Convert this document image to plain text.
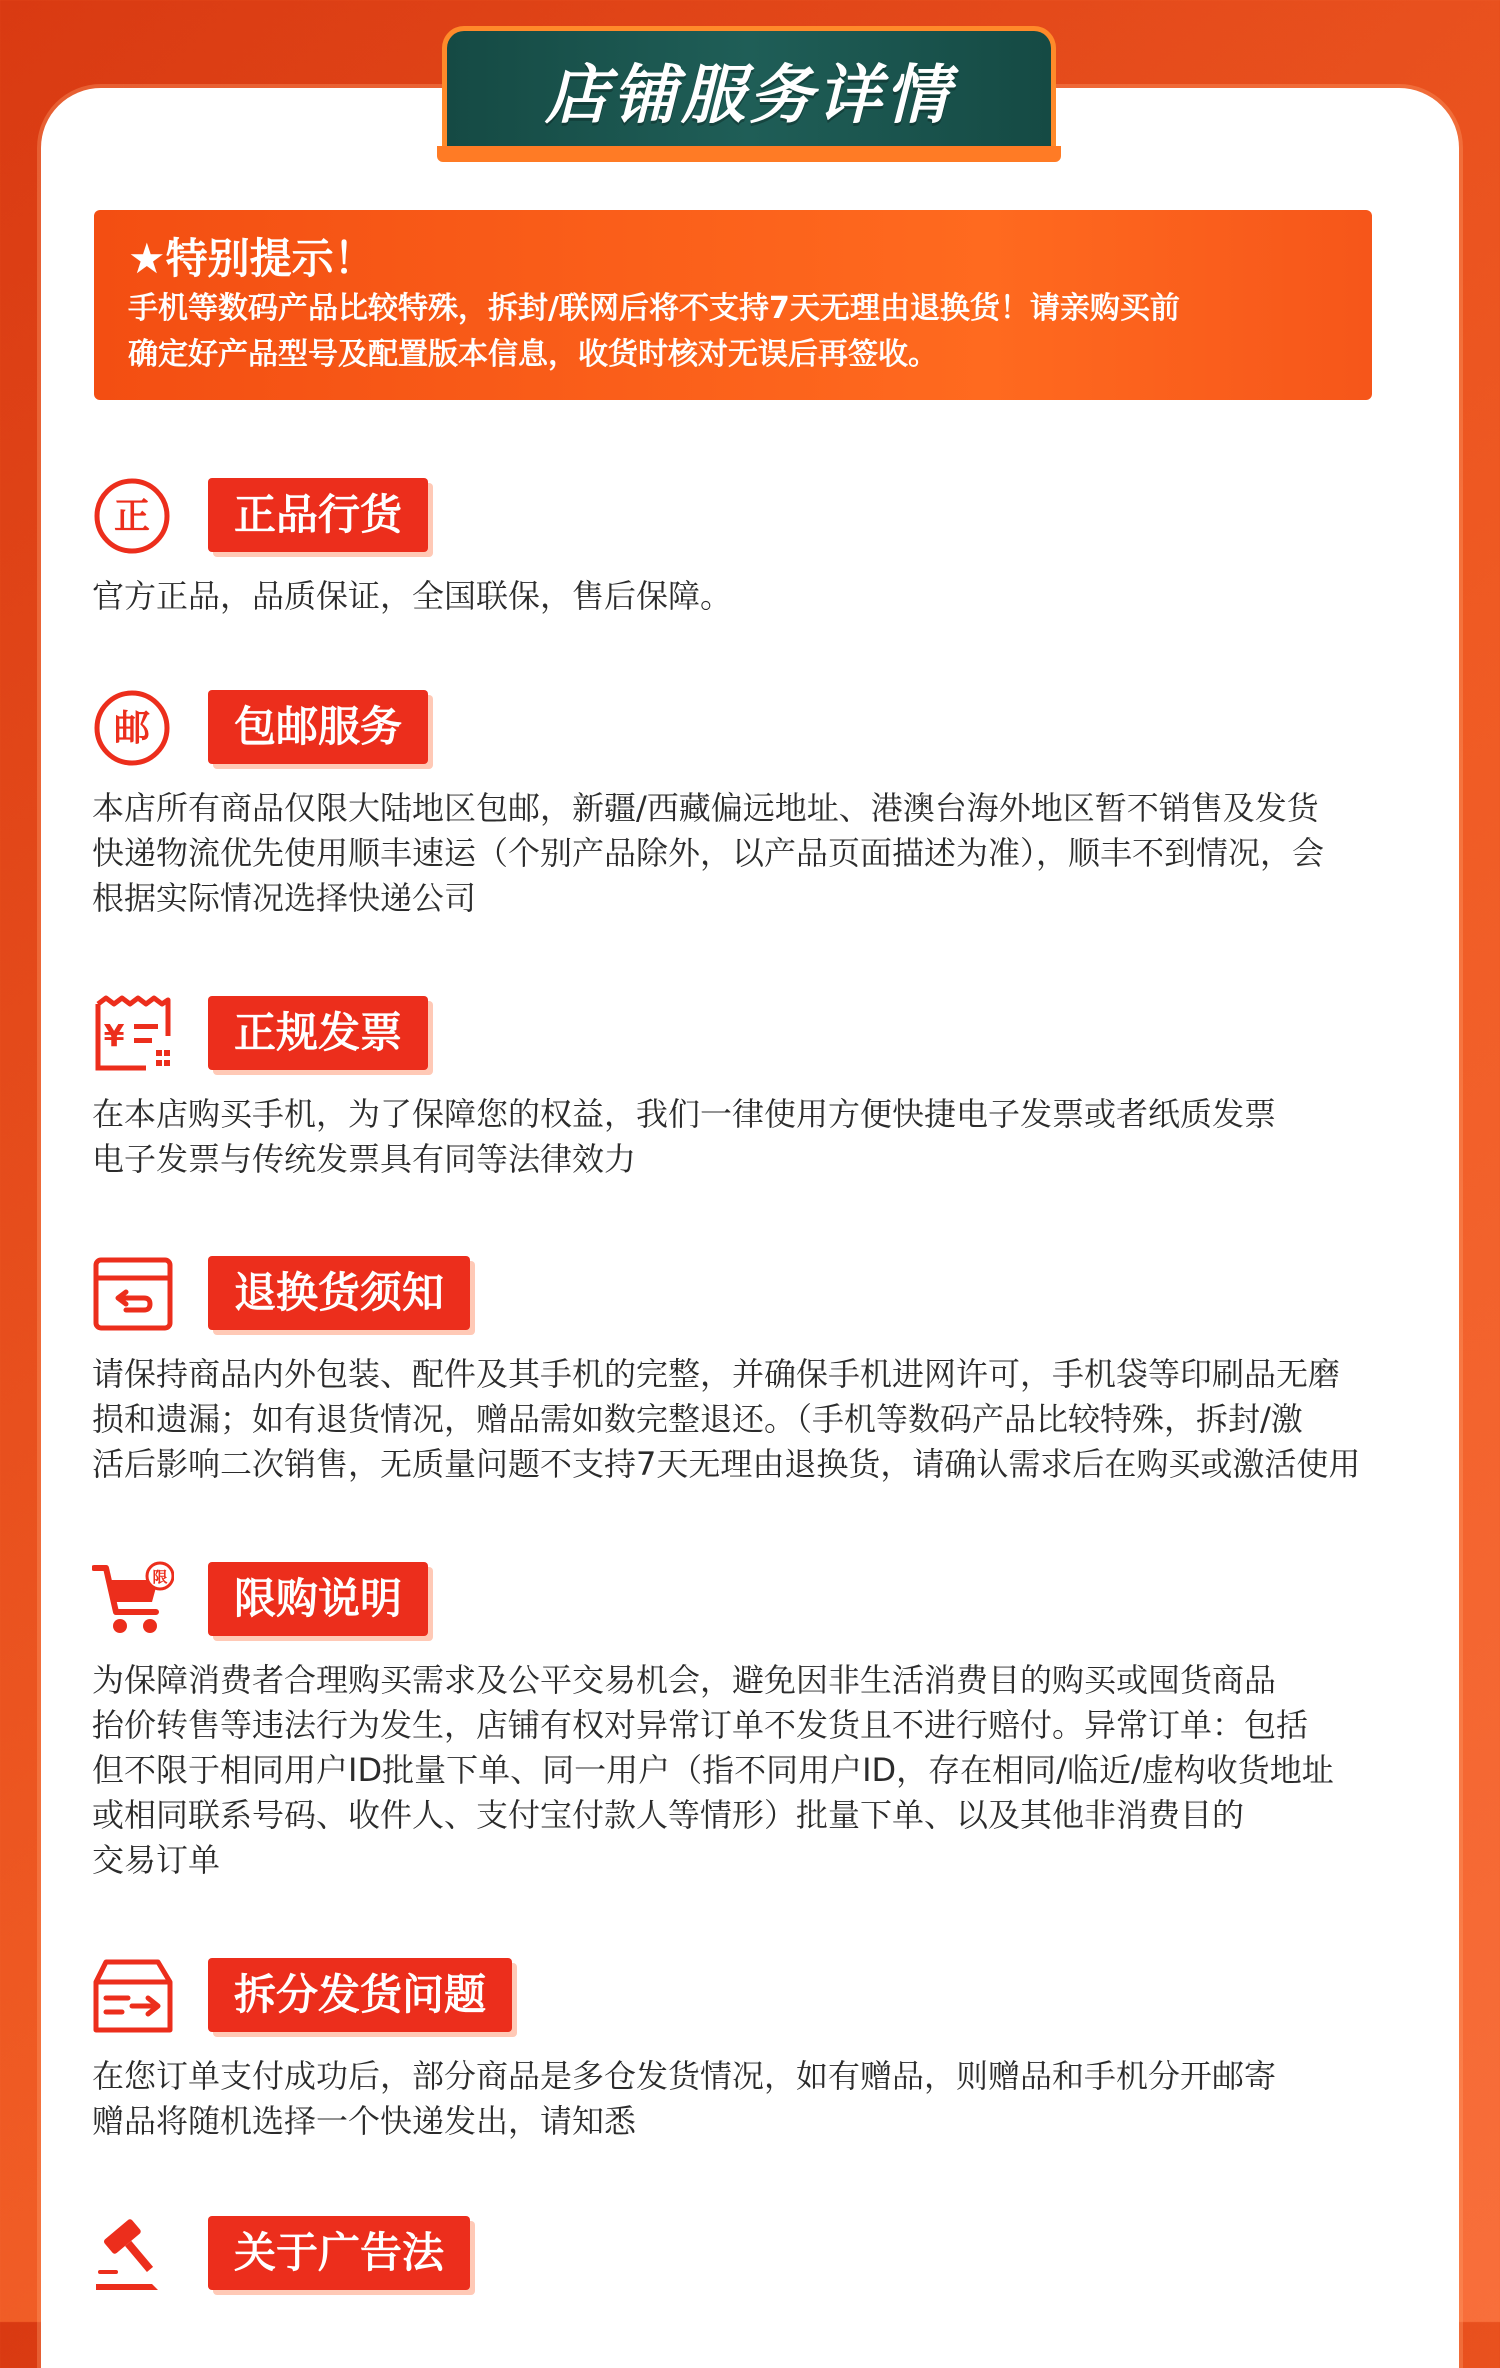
店铺服务详情
★特别提示！
手机等数码产品比较特殊，拆封/联网后将不支持7天无理由退换货！请亲购买前
确定好产品型号及配置版本信息，收货时核对无误后再签收。
正	正品行货
官方正品，品质保证，全国联保，售后保障。
邮	包邮服务
本店所有商品仅限大陆地区包邮，新疆/西藏偏远地址、港澳台海外地区暂不销售及发货
快递物流优先使用顺丰速运（个别产品除外，以产品页面描述为准），顺丰不到情况，会
根据实际情况选择快递公司
¥	正规发票
在本店购买手机，为了保障您的权益，我们一律使用方便快捷电子发票或者纸质发票
电子发票与传统发票具有同等法律效力
退换货须知
请保持商品内外包装、配件及其手机的完整，并确保手机进网许可，手机袋等印刷品无磨
损和遗漏；如有退货情况，赠品需如数完整退还。（手机等数码产品比较特殊，拆封/激
活后影响二次销售，无质量问题不支持7天无理由退换货，请确认需求后在购买或激活使用
限	限购说明
为保障消费者合理购买需求及公平交易机会，避免因非生活消费目的购买或囤货商品
抬价转售等违法行为发生，店铺有权对异常订单不发货且不进行赔付。异常订单：包括
但不限于相同用户ID批量下单、同一用户（指不同用户ID，存在相同/临近/虚构收货地址
或相同联系号码、收件人、支付宝付款人等情形）批量下单、以及其他非消费目的
交易订单
拆分发货问题
在您订单支付成功后，部分商品是多仓发货情况，如有赠品，则赠品和手机分开邮寄
赠品将随机选择一个快递发出，请知悉
关于广告法
